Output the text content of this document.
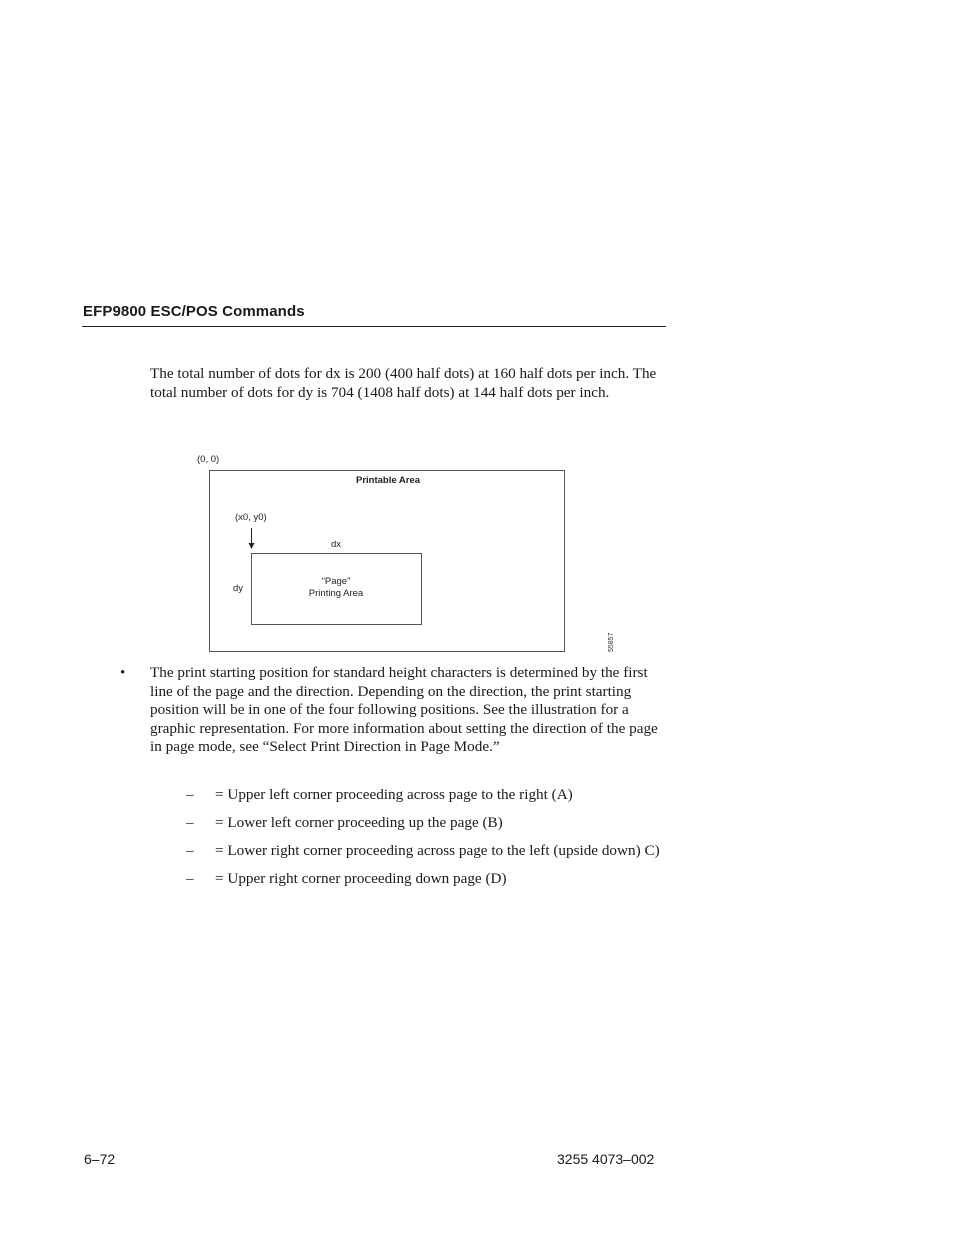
EFP9800 ESC/POS Commands

The total number of dots for dx is 200 (400 half dots) at 160 half dots per inch. The total number of dots for dy is 704 (1408 half dots) at 144 half dots per inch.

(0, 0)
Printable Area
(x0, y0)
dx
dy
“Page”
Printing Area
55857
• The print starting position for standard height characters is determined by the first line of the page and the direction. Depending on the direction, the print starting position will be in one of the four following positions. See the illustration for a graphic representation. For more information about setting the direction of the page in page mode, see “Select Print Direction in Page Mode.”

– = Upper left corner proceeding across page to the right (A)
– = Lower left corner proceeding up the page (B)
– = Lower right corner proceeding across page to the left (upside down) C)
– = Upper right corner proceeding down page (D)
6–72	3255 4073–002
